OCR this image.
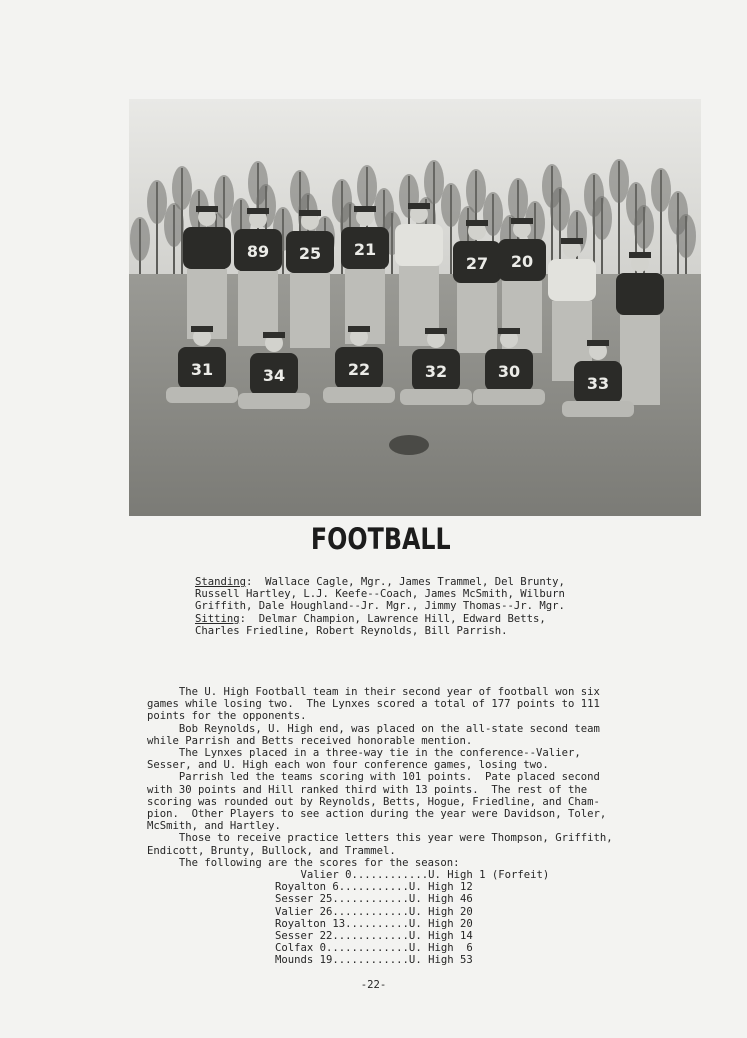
89 25 21
27 20
31	34	22	32	30
33
FOOTBALL
Standing:  Wallace Cagle, Mgr., James Trammel, Del Brunty,
Russell Hartley, L.J. Keefe--Coach, James McSmith, Wilburn
Griffith, Dale Houghland--Jr. Mgr., Jimmy Thomas--Jr. Mgr.
Sitting:  Delmar Champion, Lawrence Hill, Edward Betts,
Charles Friedline, Robert Reynolds, Bill Parrish.
The U. High Football team in their second year of football won six
games while losing two.  The Lynxes scored a total of 177 points to 111
points for the opponents.
Bob Reynolds, U. High end, was placed on the all-state second team
while Parrish and Betts received honorable mention.
The Lynxes placed in a three-way tie in the conference--Valier,
Sesser, and U. High each won four conference games, losing two.
Parrish led the teams scoring with 101 points.  Pate placed second
with 30 points and Hill ranked third with 13 points.  The rest of the
scoring was rounded out by Reynolds, Betts, Hogue, Friedline, and Cham-
pion.  Other Players to see action during the year were Davidson, Toler,
McSmith, and Hartley.
Those to receive practice letters this year were Thompson, Griffith,
Endicott, Brunty, Bullock, and Trammel.
The following are the scores for the season:
Valier 0............U. High 1 (Forfeit)
Royalton 6...........U. High 12
Sesser 25............U. High 46
Valier 26............U. High 20
Royalton 13..........U. High 20
Sesser 22............U. High 14
Colfax 0.............U. High  6
Mounds 19............U. High 53
-22-
